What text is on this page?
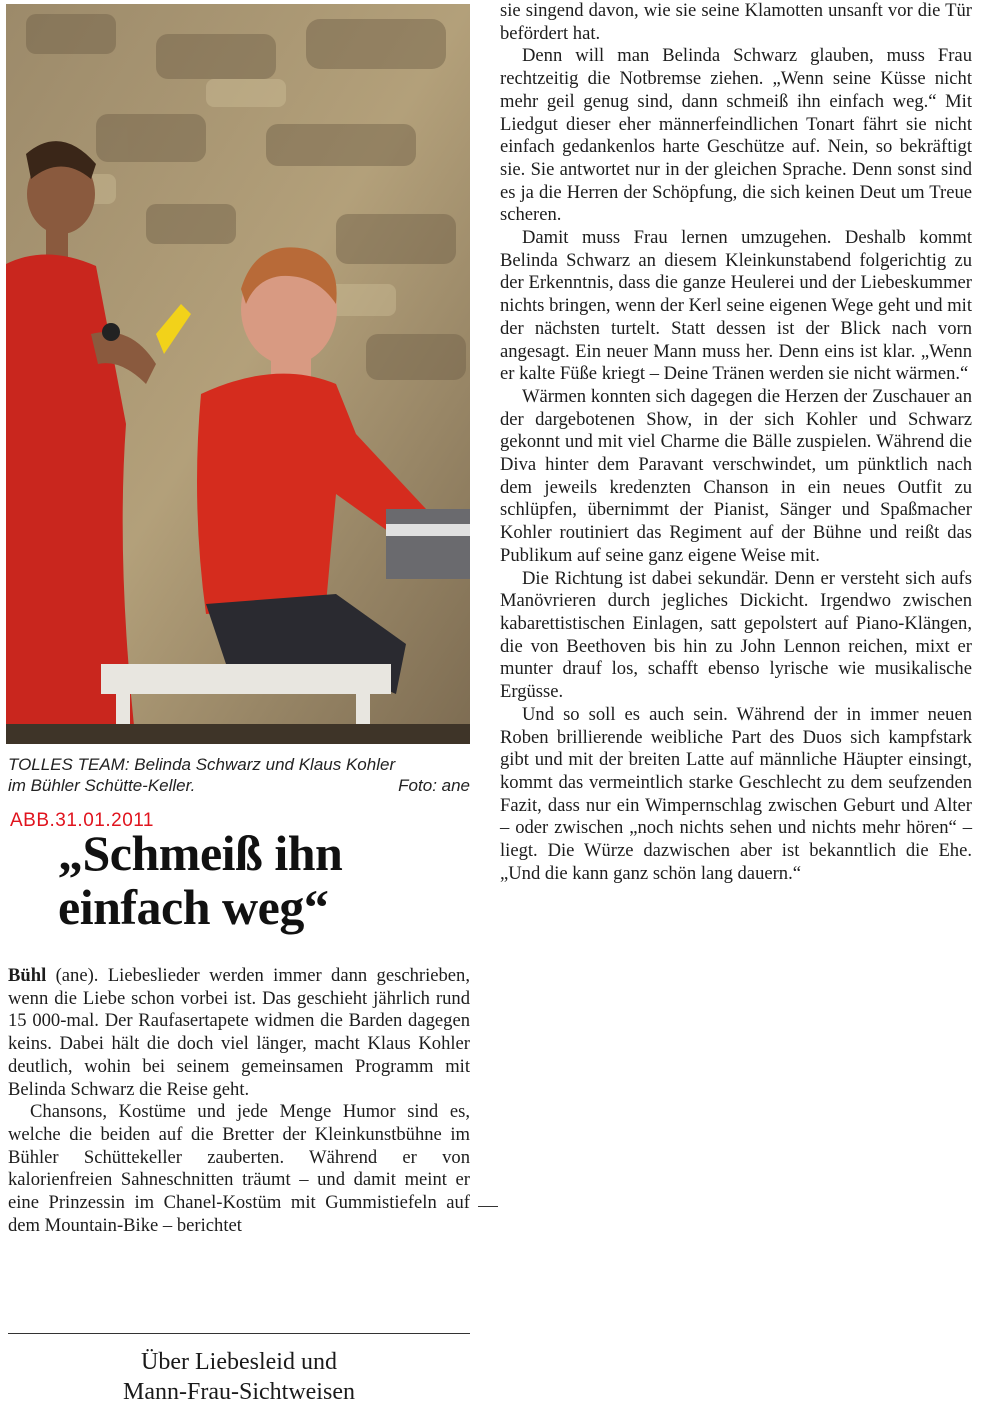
TOLLES TEAM: Belinda Schwarz und Klaus Kohler
im Bühler Schütte-Keller.	Foto: ane
ABB.31.01.2011
„Schmeiß ihn einfach weg“

Bühl (ane). Liebeslieder werden immer dann geschrieben, wenn die Liebe schon vorbei ist. Das geschieht jährlich rund 15 000-mal. Der Raufasertapete widmen die Barden dagegen keins. Dabei hält die doch viel länger, macht Klaus Kohler deutlich, wohin bei seinem gemeinsamen Programm mit Belinda Schwarz die Reise geht.

Chansons, Kostüme und jede Menge Humor sind es, welche die beiden auf die Bretter der Kleinkunstbühne im Bühler Schüttekeller zauberten. Während er von kalorienfreien Sahneschnitten träumt – und damit meint er eine Prinzessin im Chanel-Kostüm mit Gummistiefeln auf dem Mountain-Bike – berichtet

Über Liebesleid und
Mann-Frau-Sichtweisen

sie singend davon, wie sie seine Klamotten unsanft vor die Tür befördert hat.

Denn will man Belinda Schwarz glauben, muss Frau rechtzeitig die Notbremse ziehen. „Wenn seine Küsse nicht mehr geil genug sind, dann schmeiß ihn einfach weg.“ Mit Liedgut dieser eher männerfeindlichen Tonart fährt sie nicht einfach gedankenlos harte Geschütze auf. Nein, so bekräftigt sie. Sie antwortet nur in der gleichen Sprache. Denn sonst sind es ja die Herren der Schöpfung, die sich keinen Deut um Treue scheren.

Damit muss Frau lernen umzugehen. Deshalb kommt Belinda Schwarz an diesem Kleinkunstabend folgerichtig zu der Erkenntnis, dass die ganze Heulerei und der Liebeskummer nichts bringen, wenn der Kerl seine eigenen Wege geht und mit der nächsten turtelt. Statt dessen ist der Blick nach vorn angesagt. Ein neuer Mann muss her. Denn eins ist klar. „Wenn er kalte Füße kriegt – Deine Tränen werden sie nicht wärmen.“

Wärmen konnten sich dagegen die Herzen der Zuschauer an der dargebotenen Show, in der sich Kohler und Schwarz gekonnt und mit viel Charme die Bälle zuspielen. Während die Diva hinter dem Paravant verschwindet, um pünktlich nach dem jeweils kredenzten Chanson in ein neues Outfit zu schlüpfen, übernimmt der Pianist, Sänger und Spaßmacher Kohler routiniert das Regiment auf der Bühne und reißt das Publikum auf seine ganz eigene Weise mit.

Die Richtung ist dabei sekundär. Denn er versteht sich aufs Manövrieren durch jegliches Dickicht. Irgendwo zwischen kabarettistischen Einlagen, satt gepolstert auf Piano-Klängen, die von Beethoven bis hin zu John Lennon reichen, mixt er munter drauf los, schafft ebenso lyrische wie musikalische Ergüsse.

Und so soll es auch sein. Während der in immer neuen Roben brillierende weibliche Part des Duos sich kampfstark gibt und mit der breiten Latte auf männliche Häupter einsingt, kommt das vermeintlich starke Geschlecht zu dem seufzenden Fazit, dass nur ein Wimpernschlag zwischen Geburt und Alter – oder zwischen „noch nichts sehen und nichts mehr hören“ – liegt. Die Würze dazwischen aber ist bekanntlich die Ehe. „Und die kann ganz schön lang dauern.“
